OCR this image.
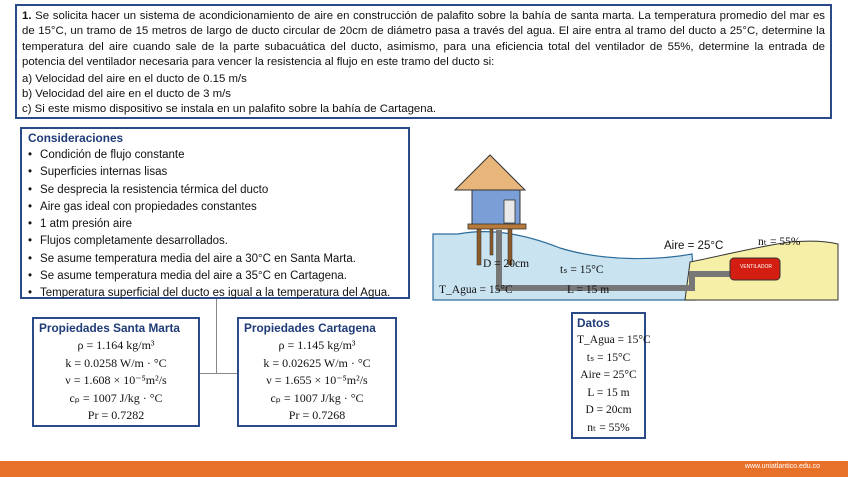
1. Se solicita hacer un sistema de acondicionamiento de aire en construcción de palafito sobre la bahía de santa marta. La temperatura promedio del mar es de 15°C, un tramo de 15 metros de largo de ducto circular de 20cm de diámetro pasa a través del agua. El aire entra al tramo del ducto a 25°C, determine la temperatura del aire cuando sale de la parte subacuática del ducto, asimismo, para una eficiencia total del ventilador de 55%, determine la entrada de potencia del ventilador necesaria para vencer la resistencia al flujo en este tramo del ducto si:

a) Velocidad del aire en el ducto de 0.15 m/s

b) Velocidad del aire en el ducto de 3 m/s

c) Si este mismo dispositivo se instala en un palafito sobre la bahía de Cartagena.

Consideraciones
• Condición de flujo constante
• Superficies internas lisas
• Se desprecia la resistencia térmica del ducto
• Aire gas ideal con propiedades constantes
• 1 atm presión aire
• Flujos completamente desarrollados.
• Se asume temperatura media del aire a 30°C en Santa Marta.
• Se asume temperatura media del aire a 35°C en Cartagena.
• Temperatura superficial del ducto es igual a la temperatura del Agua.
Propiedades Santa Marta
ρ = 1.164 kg/m³
k = 0.0258 W/m · °C
ν = 1.608 × 10⁻⁵m²/s
cₚ = 1007 J/kg · °C
Pr = 0.7282
Propiedades Cartagena
ρ = 1.145 kg/m³
k = 0.02625 W/m · °C
ν = 1.655 × 10⁻⁵m²/s
cₚ = 1007 J/kg · °C
Pr = 0.7268
Datos
T_Agua = 15°C
tₛ = 15°C
Aire = 25°C
L = 15 m
D = 20cm
nₜ = 55%
Aire = 25°C	nₜ = 55%
VENTILADOR
D = 20cm	tₛ = 15°C
T_Agua = 15°C	L = 15 m
www.uniatlantico.edu.co
